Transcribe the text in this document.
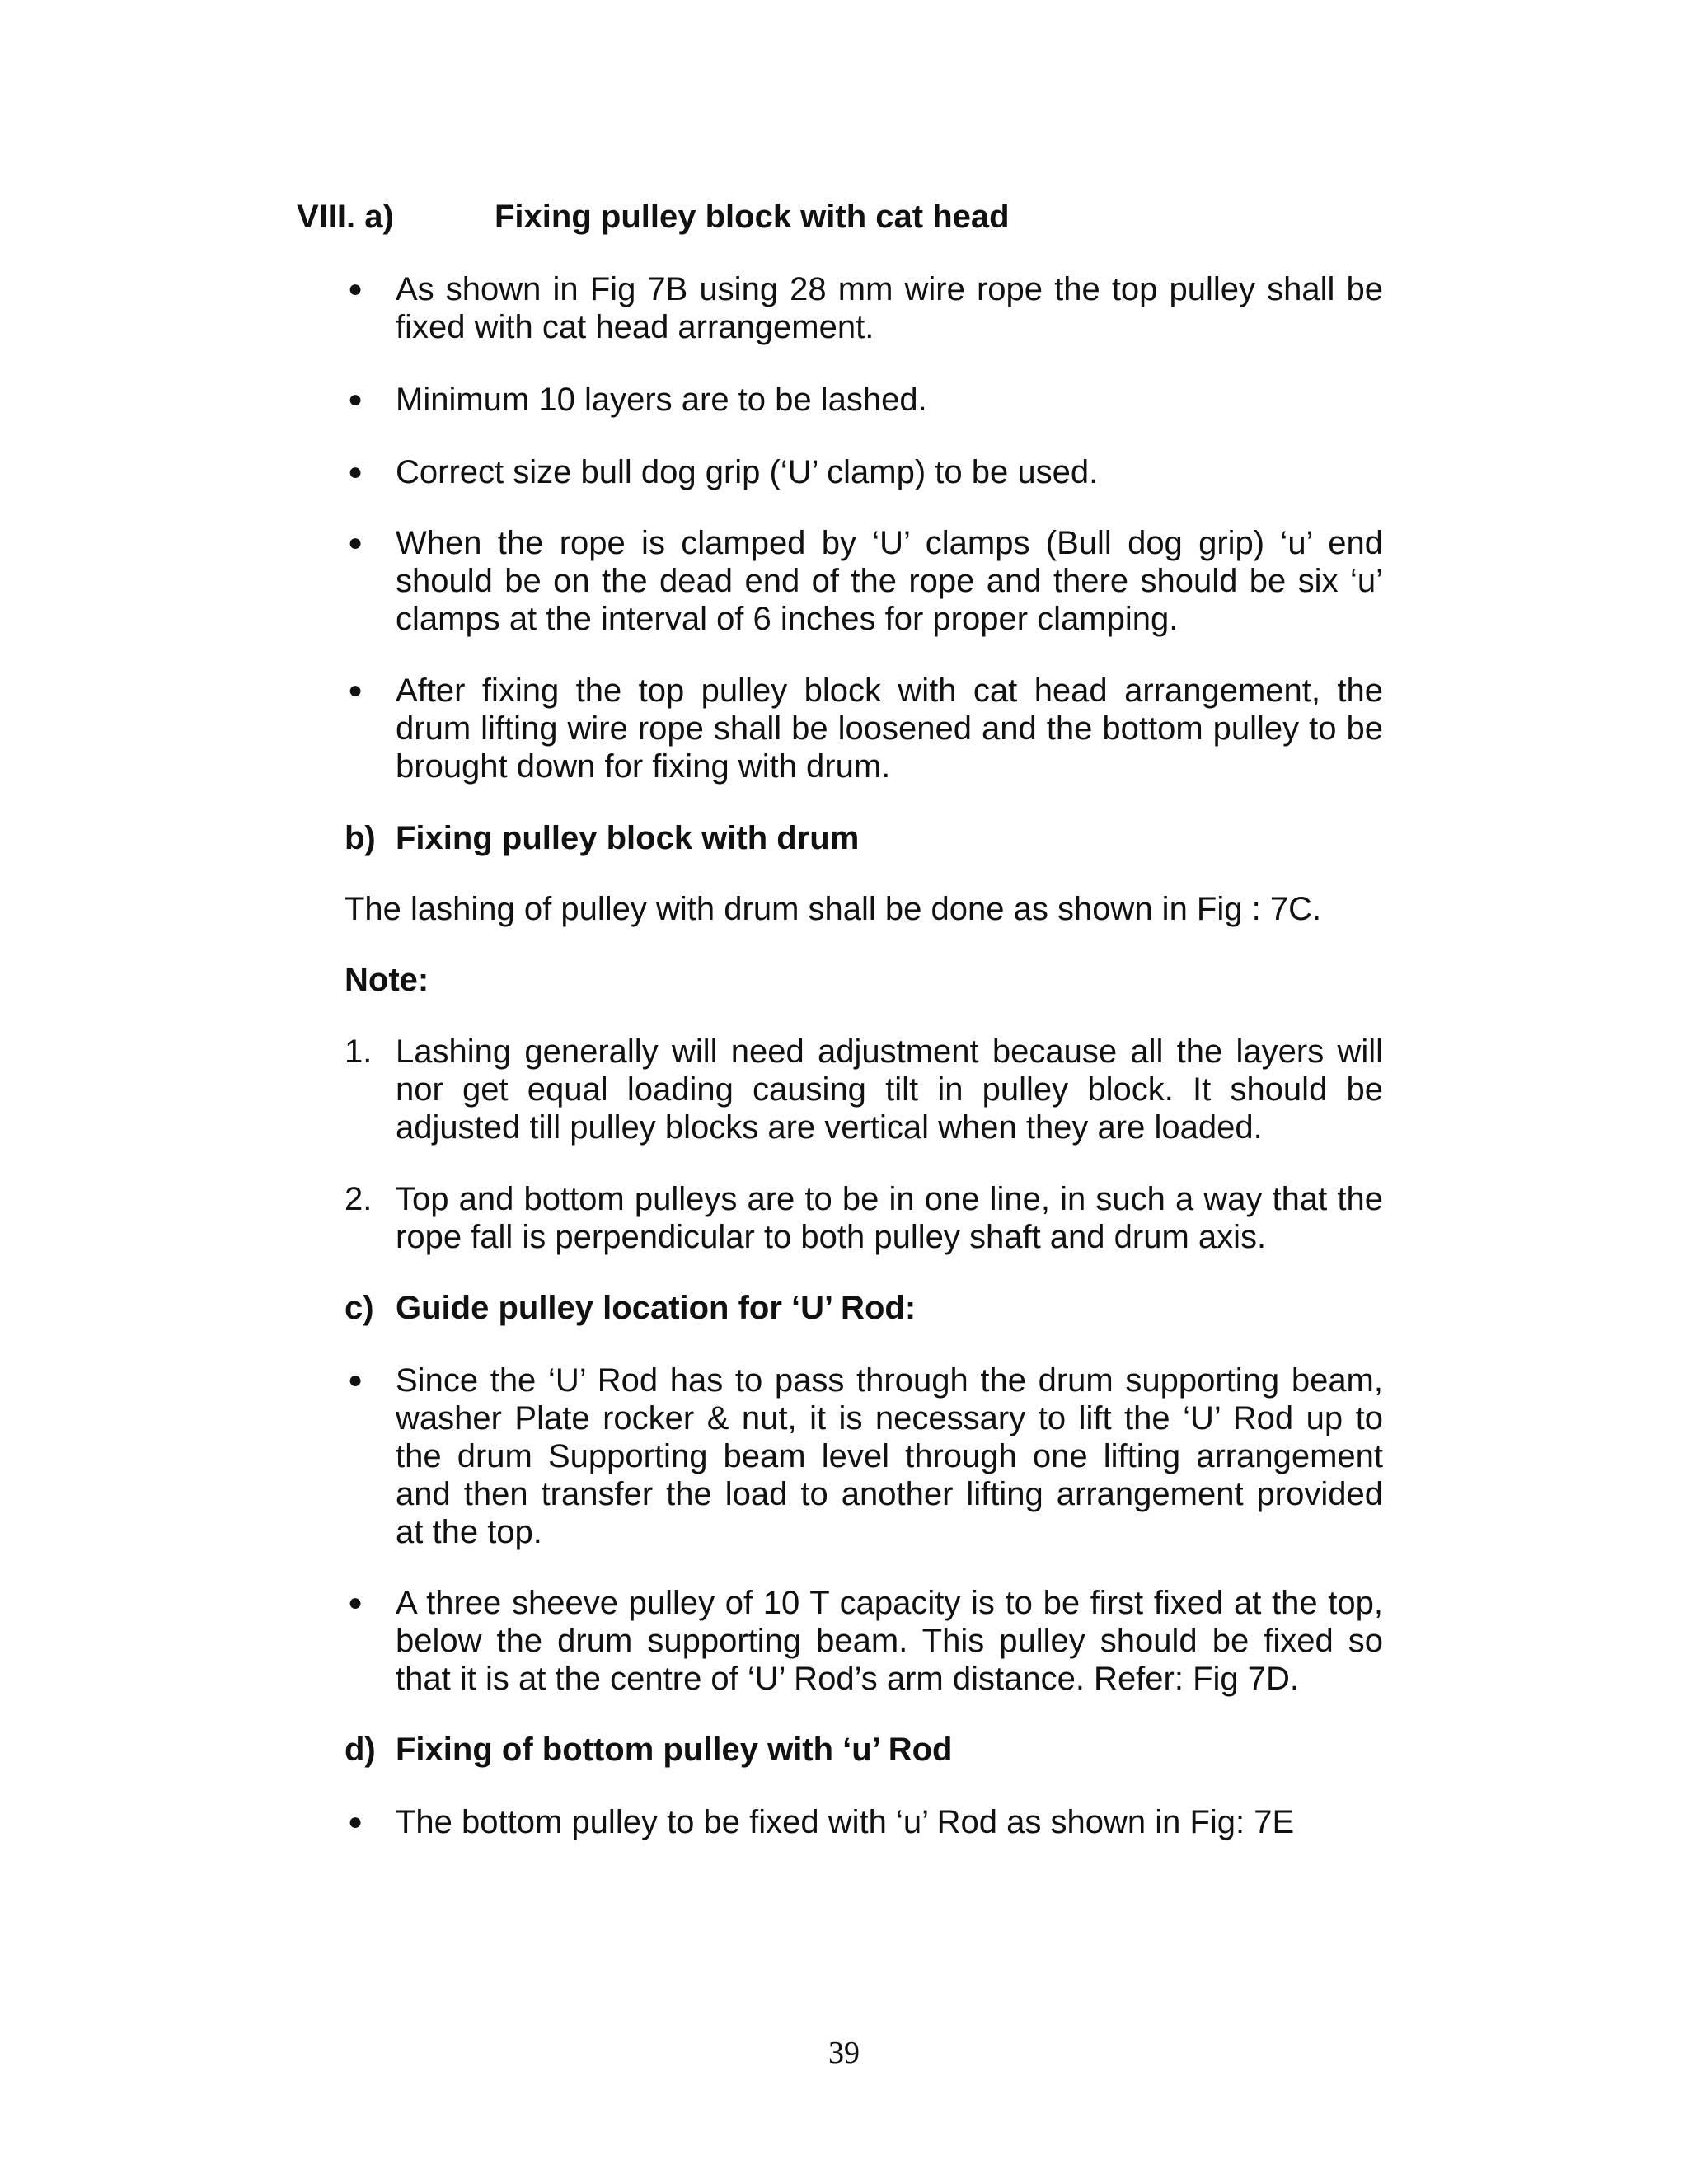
VIII. a)	Fixing pulley block with cat head
● As shown in Fig 7B using 28 mm wire rope the top pulley shall be fixed with cat head arrangement.
● Minimum 10 layers are to be lashed.
● Correct size bull dog grip (‘U’ clamp) to be used.
● When the rope is clamped by ‘U’ clamps (Bull dog grip) ‘u’ end should be on the dead end of the rope and there should be six ‘u’ clamps at the interval of 6 inches for proper clamping.
● After fixing the top pulley block with cat head arrangement, the drum lifting wire rope shall be loosened and the bottom pulley to be brought down for fixing with drum.
b) Fixing pulley block with drum
The lashing of pulley with drum shall be done as shown in Fig : 7C.
Note:
1. Lashing generally will need adjustment because all the layers will nor get equal loading causing tilt in pulley block. It should be adjusted till pulley blocks are vertical when they are loaded.
2. Top and bottom pulleys are to be in one line, in such a way that the rope fall is perpendicular to both pulley shaft and drum axis.
c) Guide pulley location for ‘U’ Rod:
● Since the ‘U’ Rod has to pass through the drum supporting beam, washer Plate rocker & nut, it is necessary to lift the ‘U’ Rod up to the drum Supporting beam level through one lifting arrangement and then transfer the load to another lifting arrangement provided at the top.
● A three sheeve pulley of 10 T capacity is to be first fixed at the top, below the drum supporting beam. This pulley should be fixed so that it is at the centre of ‘U’ Rod’s arm distance. Refer: Fig 7D.
d) Fixing of bottom pulley with ‘u’ Rod
● The bottom pulley to be fixed with ‘u’ Rod as shown in Fig: 7E
39
